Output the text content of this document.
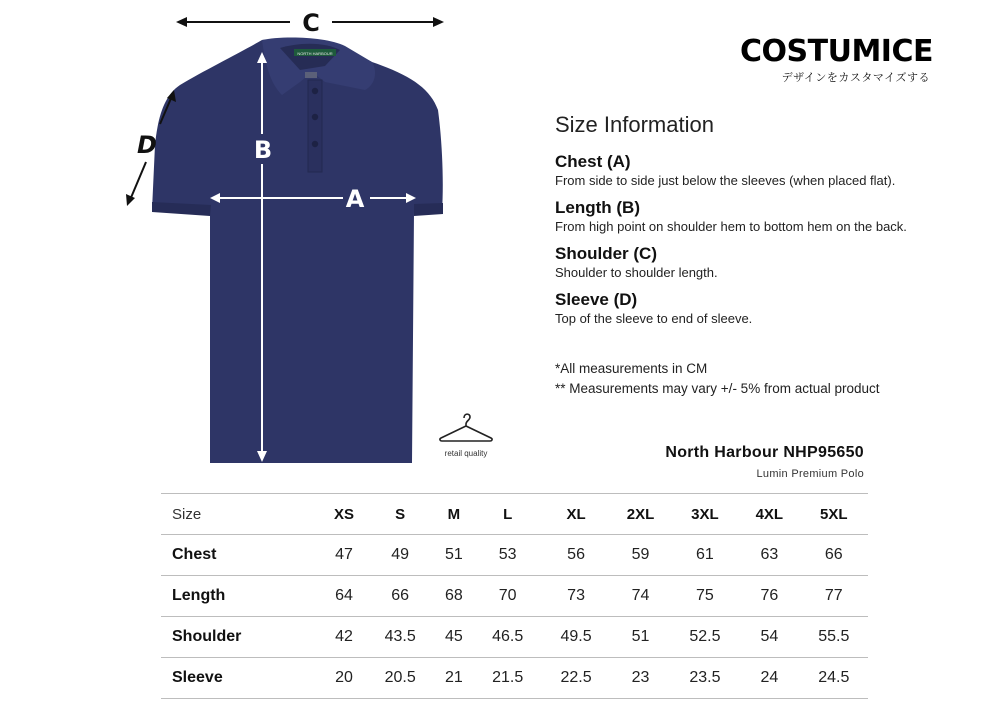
NORTH HARBOUR
A
B
C
D
COSTUMICE
デザインをカスタマイズする
Size Information
Chest (A)
From side to side just below the sleeves (when placed flat).
Length (B)
From high point on shoulder hem to bottom hem on the back.
Shoulder (C)
Shoulder to shoulder length.
Sleeve (D)
Top of the sleeve to end of sleeve.
*All measurements in CM
** Measurements may vary +/- 5% from actual product
retail quality	North Harbour NHP95650
Lumin Premium Polo
Size	XS	S	M	L	XL	2XL	3XL	4XL	5XL
Chest	47	49	51	53	56	59	61	63	66
Length	64	66	68	70	73	74	75	76	77
Shoulder	42	43.5	45	46.5	49.5	51	52.5	54	55.5
Sleeve	20	20.5	21	21.5	22.5	23	23.5	24	24.5
